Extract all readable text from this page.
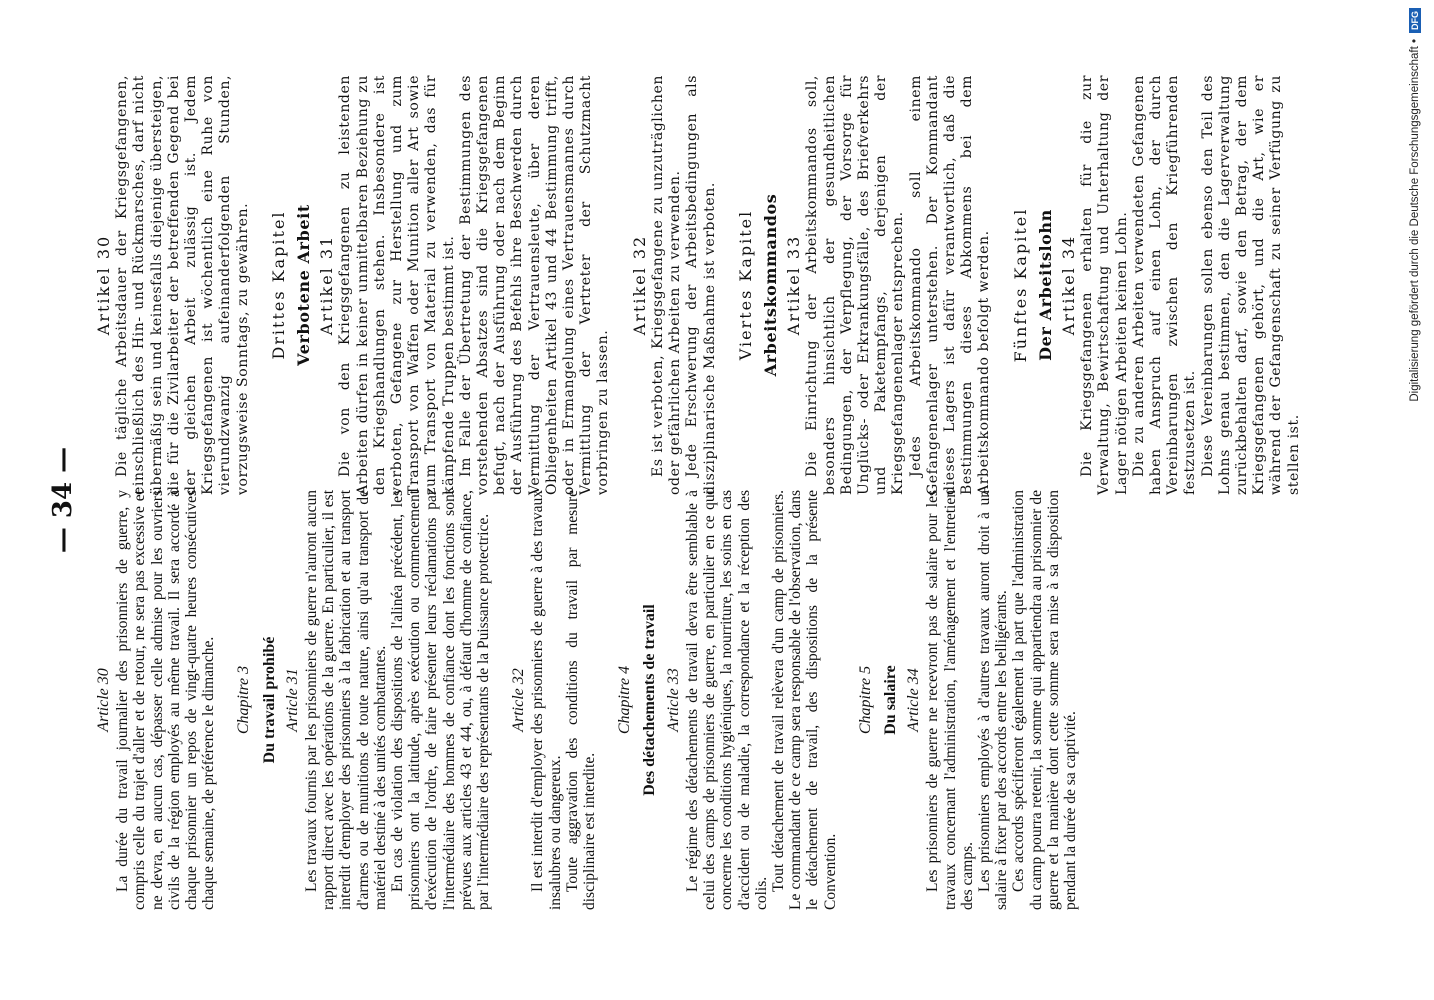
— 34 —
Article 30 La durée du travail journalier des prisonniers de guerre, y compris celle du trajet d'aller et de retour, ne sera pas excessive et ne devra, en aucun cas, dépasser celle admise pour les ouvriers civils de la région employés au même travail. Il sera accordé à chaque prisonnier un repos de vingt-quatre heures consécutives chaque semaine, de préférence le dimanche. Chapitre 3 Du travail prohibé Article 31 Les travaux fournis par les prisonniers de guerre n'auront aucun rapport direct avec les opérations de la guerre. En particulier, il est interdit d'employer des prisonniers à la fabrication et au transport d'armes ou de munitions de toute nature, ainsi qu'au transport de matériel destiné à des unités combattantes. En cas de violation des dispositions de l'alinéa précédent, les prisonniers ont la latitude, après exécution ou commencement d'exécution de l'ordre, de faire présenter leurs réclamations par l'intermédiaire des hommes de confiance dont les fonctions sont prévues aux articles 43 et 44, ou, à défaut d'homme de confiance, par l'intermédiaire des représentants de la Puissance protectrice. Article 32 Il est interdit d'employer des prisonniers de guerre à des travaux insalubres ou dangereux. Toute aggravation des conditions du travail par mesure disciplinaire est interdite.

Chapitre 4 Des détachements de travail Article 33 Le régime des détachements de travail devra être semblable à celui des camps de prisonniers de guerre, en particulier en ce qui concerne les conditions hygiéniques, la nourriture, les soins en cas d'accident ou de maladie, la correspondance et la réception des colis.

Tout détachement de travail relèvera d'un camp de prisonniers. Le commandant de ce camp sera responsable de l'observation, dans le détachement de travail, des dispositions de la présente Convention.

Chapitre 5 Du salaire Article 34 Les prisonniers de guerre ne recevront pas de salaire pour les travaux concernant l'administration, l'aménagement et l'entretien des camps. Les prisonniers employés à d'autres travaux auront droit à un salaire à fixer par des accords entre les belligérants. Ces accords spécifieront également la part que l'administration du camp pourra retenir, la somme qui appartiendra au prisonnier de guerre et la manière dont cette somme sera mise à sa disposition pendant la durée de sa captivité.

Artikel 30 Die tägliche Arbeitsdauer der Kriegsgefangenen, einschließlich des Hin- und Rückmarsches, darf nicht übermäßig sein und keinesfalls diejenige übersteigen, die für die Zivilarbeiter der betreffenden Gegend bei der gleichen Arbeit zulässig ist. Jedem Kriegsgefangenen ist wöchentlich eine Ruhe von vierundzwanzig aufeinanderfolgenden Stunden, vorzugsweise Sonntags, zu gewähren. Drittes Kapitel Verbotene Arbeit Artikel 31 Die von den Kriegsgefangenen zu leistenden Arbeiten dürfen in keiner unmittelbaren Beziehung zu den Kriegshandlungen stehen. Insbesondere ist verboten, Gefangene zur Herstellung und zum Transport von Waffen oder Munition aller Art sowie zum Transport von Material zu verwenden, das für kämpfende Truppen bestimmt ist. Im Falle der Übertretung der Bestimmungen des vorstehenden Absatzes sind die Kriegsgefangenen befugt, nach der Ausführung oder nach dem Beginn der Ausführung des Befehls ihre Beschwerden durch Vermittlung der Vertrauensleute, über deren Obliegenheiten Artikel 43 und 44 Bestimmung trifft, oder in Ermangelung eines Vertrauensmannes durch Vermittlung der Vertreter der Schutzmacht vorbringen zu lassen.

Artikel 32 Es ist verboten, Kriegsgefangene zu unzuträglichen oder gefährlichen Arbeiten zu verwenden. Jede Erschwerung der Arbeitsbedingungen als disziplinarische Maßnahme ist verboten. Viertes Kapitel Arbeitskommandos Artikel 33 Die Einrichtung der Arbeitskommandos soll, besonders hinsichtlich der gesundheitlichen Bedingungen, der Verpflegung, der Vorsorge für Unglücks- oder Erkrankungsfälle, des Briefverkehrs und Paketempfangs, derjenigen der Kriegsgefangenenlager entsprechen. Jedes Arbeitskommando soll einem Gefangenenlager unterstehen. Der Kommandant dieses Lagers ist dafür verantwortlich, daß die Bestimmungen dieses Abkommens bei dem Arbeitskommando befolgt werden. Fünftes Kapitel Der Arbeitslohn Artikel 34 Die Kriegsgefangenen erhalten für die zur Verwaltung, Bewirtschaftung und Unterhaltung der Lager nötigen Arbeiten keinen Lohn. Die zu anderen Arbeiten verwendeten Gefangenen haben Anspruch auf einen Lohn, der durch Vereinbarungen zwischen den Kriegführenden festzusetzen ist. Diese Vereinbarungen sollen ebenso den Teil des Lohns genau bestimmen, den die Lagerverwaltung zurückbehalten darf, sowie den Betrag, der dem Kriegsgefangenen gehört, und die Art, wie er während der Gefangenschaft zu seiner Verfügung zu stellen ist.

Digitalisierung gefördert durch die Deutsche Forschungsgemeinschaft •
DFG
